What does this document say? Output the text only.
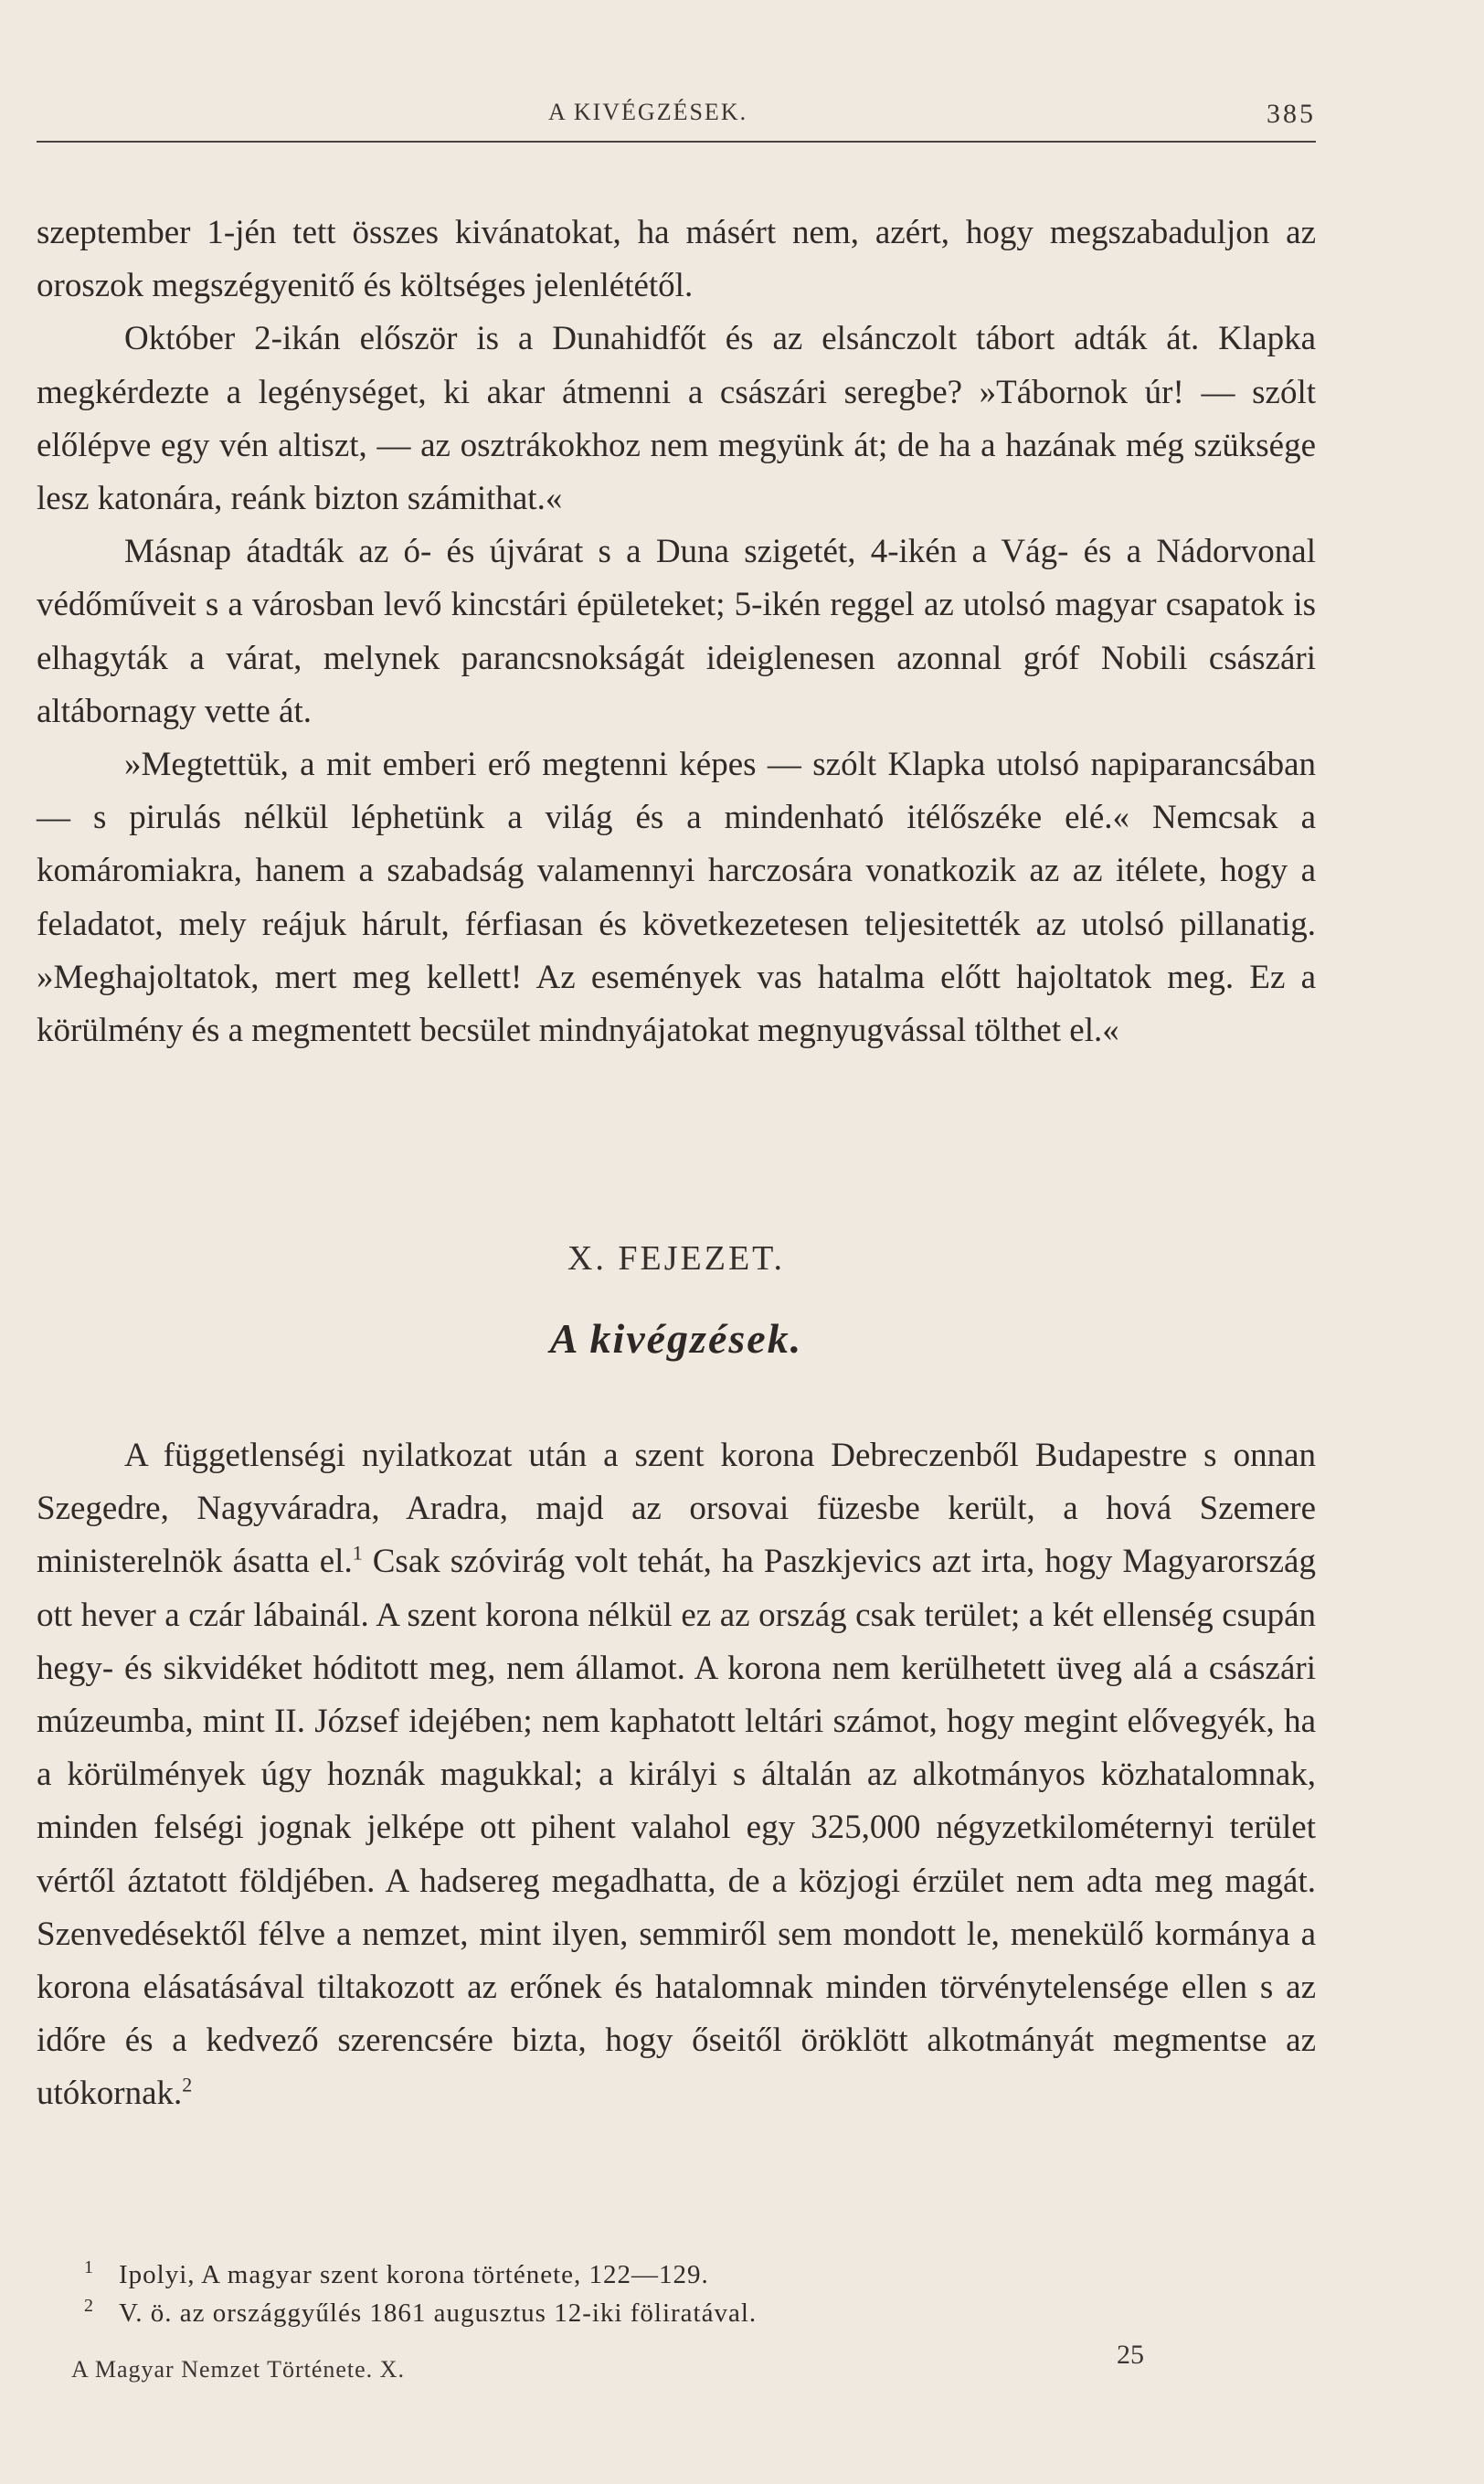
A KIVÉGZÉSEK.	385

szeptember 1-jén tett összes kivánatokat, ha másért nem, azért, hogy megszabaduljon az oroszok megszégyenitő és költséges jelenlététől.

Október 2-ikán először is a Dunahidfőt és az elsánczolt tábort adták át. Klapka megkérdezte a legénységet, ki akar átmenni a császári seregbe? »Tábornok úr! — szólt előlépve egy vén altiszt, — az osztrákokhoz nem megyünk át; de ha a hazának még szüksége lesz katonára, reánk bizton számithat.«

Másnap átadták az ó- és újvárat s a Duna szigetét, 4-ikén a Vág- és a Nádorvonal védőműveit s a városban levő kincstári épületeket; 5-ikén reggel az utolsó magyar csapatok is elhagyták a várat, melynek parancsnokságát ideiglenesen azonnal gróf Nobili császári altábornagy vette át.

»Megtettük, a mit emberi erő megtenni képes — szólt Klapka utolsó napiparancsában — s pirulás nélkül léphetünk a világ és a mindenható itélőszéke elé.« Nemcsak a komáromiakra, hanem a szabadság valamennyi harczosára vonatkozik az az itélete, hogy a feladatot, mely reájuk hárult, férfiasan és következetesen teljesitették az utolsó pillanatig. »Meghajoltatok, mert meg kellett! Az események vas hatalma előtt hajoltatok meg. Ez a körülmény és a megmentett becsület mindnyájatokat megnyugvással tölthet el.«

X. FEJEZET.
A kivégzések.

A függetlenségi nyilatkozat után a szent korona Debreczenből Budapestre s onnan Szegedre, Nagyváradra, Aradra, majd az orsovai füzesbe került, a hová Szemere ministerelnök ásatta el.$^1$ Csak szóvirág volt tehát, ha Paszkjevics azt irta, hogy Magyarország ott hever a czár lábainál. A szent korona nélkül ez az ország csak terület; a két ellenség csupán hegy- és sikvidéket hóditott meg, nem államot. A korona nem kerülhetett üveg alá a császári múzeumba, mint II. József idejében; nem kaphatott leltári számot, hogy megint elővegyék, ha a körülmények úgy hoznák magukkal; a királyi s általán az alkotmányos közhatalomnak, minden felségi jognak jelképe ott pihent valahol egy 325,000 négyzetkilométernyi terület vértől áztatott földjében. A hadsereg megadhatta, de a közjogi érzület nem adta meg magát. Szenvedésektől félve a nemzet, mint ilyen, semmiről sem mondott le, menekülő kormánya a korona elásatásával tiltakozott az erőnek és hatalomnak minden törvénytelensége ellen s az időre és a kedvező szerencsére bizta, hogy őseitől öröklött alkotmányát megmentse az utókornak.$^2$

1 Ipolyi, A magyar szent korona története, 122—129.
2 V. ö. az országgyűlés 1861 augusztus 12-iki föliratával.
A Magyar Nemzet Története. X.	25
